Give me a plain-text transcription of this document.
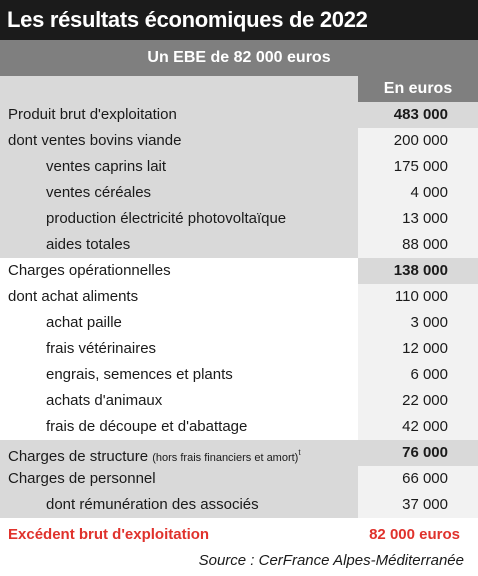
Les résultats économiques de 2022
Un EBE de 82 000 euros
En euros
Produit brut d'exploitation	483 000
dont ventes bovins viande	200 000
ventes caprins lait	175 000
ventes céréales	4 000
production électricité photovoltaïque	13 000
aides totales	88 000
Charges opérationnelles	138 000
dont achat aliments	110 000
achat paille	3 000
frais vétérinaires	12 000
engrais, semences et plants	6 000
achats d'animaux	22 000
frais de découpe et d'abattage	42 000
Charges de structure (hors frais financiers et amort)$^t$	76 000
Charges de personnel	66 000
dont rémunération des associés	37 000
Excédent brut d'exploitation	82 000 euros
Source : CerFrance Alpes-Méditerranée
